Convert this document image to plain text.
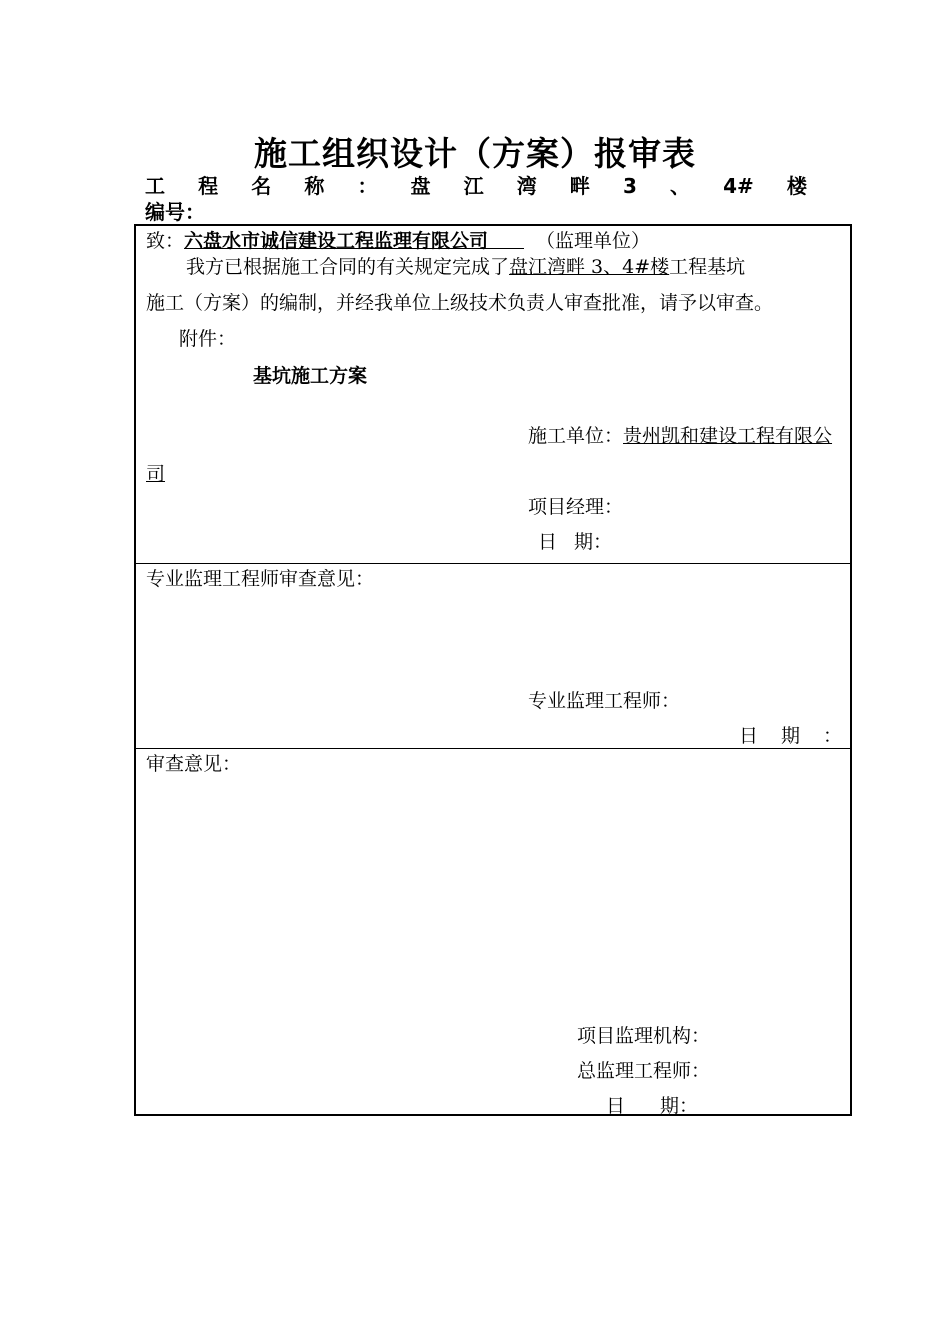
施工组织设计（方案）报审表
工 程 名 称 ： 盘 江 湾 畔 3 、 4# 楼
编号：
致：六盘水市诚信建设工程监理有限公司	（监理单位）
我方已根据施工合同的有关规定完成了盘江湾畔 3、4#楼工程基坑
施工（方案）的编制，并经我单位上级技术负责人审查批准，请予以审查。
附件：
基坑施工方案
施工单位：贵州凯和建设工程有限公
司
项目经理：
日 期：
专业监理工程师审查意见：
专业监理工程师：
日 期 ：
审查意见：
项目监理机构：
总监理工程师：
日 期：
